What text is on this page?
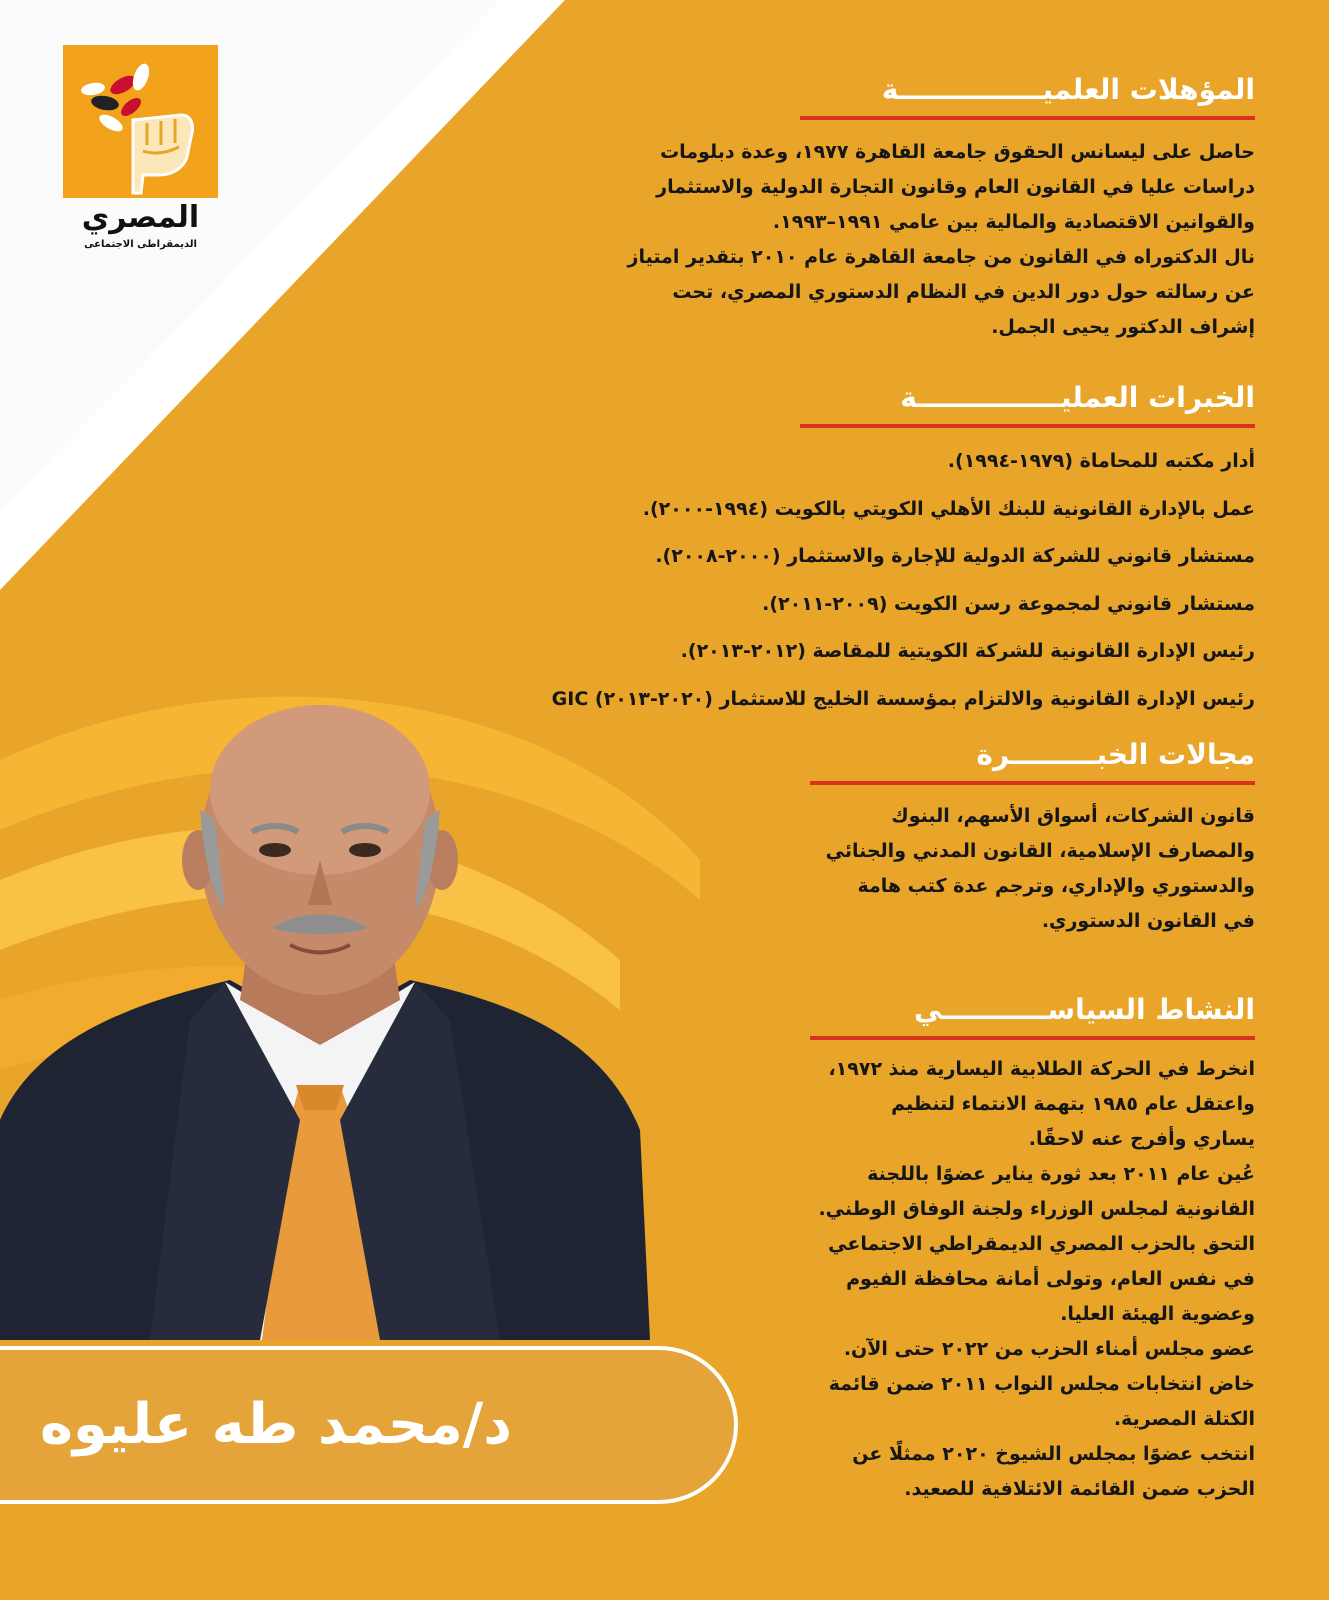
المصري
الديمقراطى الاجتماعى
المؤهلات العلميـــــــــــــــة

حاصل على ليسانس الحقوق جامعة القاهرة ١٩٧٧، وعدة دبلومات

دراسات عليا في القانون العام وقانون التجارة الدولية والاستثمار

والقوانين الاقتصادية والمالية بين عامي ١٩٩١–١٩٩٣.

نال الدكتوراه في القانون من جامعة القاهرة عام ٢٠١٠ بتقدير امتياز

عن رسالته حول دور الدين في النظام الدستوري المصري، تحت

إشراف الدكتور يحيى الجمل.

الخبرات العمليـــــــــــــــة

أدار مكتبه للمحاماة (١٩٧٩-١٩٩٤).

عمل بالإدارة القانونية للبنك الأهلي الكويتي بالكويت (١٩٩٤-٢٠٠٠).

مستشار قانوني للشركة الدولية للإجارة والاستثمار (٢٠٠٠-٢٠٠٨).

مستشار قانوني لمجموعة رسن الكويت (٢٠٠٩-٢٠١١).

رئيس الإدارة القانونية للشركة الكويتية للمقاصة (٢٠١٢-٢٠١٣).

رئيس الإدارة القانونية والالتزام بمؤسسة الخليج للاستثمار (٢٠٢٠-٢٠١٣) GIC

مجالات الخبـــــــــرة

قانون الشركات، أسواق الأسهم، البنوك

والمصارف الإسلامية، القانون المدني والجنائي

والدستوري والإداري، وترجم عدة كتب هامة

في القانون الدستوري.

النشاط السياســـــــــــي

انخرط في الحركة الطلابية اليسارية منذ ١٩٧٢،

واعتقل عام ١٩٨٥ بتهمة الانتماء لتنظيم

يساري وأفرج عنه لاحقًا.

عُين عام ٢٠١١ بعد ثورة يناير عضوًا باللجنة

القانونية لمجلس الوزراء ولجنة الوفاق الوطني.

التحق بالحزب المصري الديمقراطي الاجتماعي

في نفس العام، وتولى أمانة محافظة الفيوم

وعضوية الهيئة العليا.

عضو مجلس أمناء الحزب من ٢٠٢٢ حتى الآن.

خاض انتخابات مجلس النواب ٢٠١١ ضمن قائمة

الكتلة المصرية.

انتخب عضوًا بمجلس الشيوخ ٢٠٢٠ ممثلًا عن

الحزب ضمن القائمة الائتلافية للصعيد.

د/محمد طه عليوه
